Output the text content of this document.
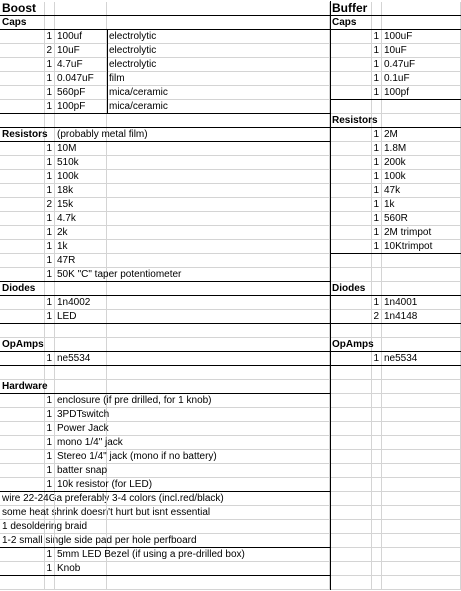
Boost	Buffer
Caps	Caps
1 100uf	electrolytic	1 100uF
2 10uF	electrolytic	1 10uF
1 4.7uF	electrolytic	1 0.47uF
1 0.047uF	film	1 0.1uF
1 560pF	mica/ceramic	1 100pf
1 100pF	mica/ceramic
Resistors
Resistors (probably metal film)	1 2M
1 10M	1 1.8M
1 510k	1 200k
1 100k	1 100k
1 18k	1 47k
2 15k	1 1k
1 4.7k	1 560R
1 2k	1 2M trimpot
1 1k	1 10Ktrimpot
1 47R
1 50K "C" taper potentiometer
Diodes	Diodes
1 1n4002	1 1n4001
1 LED	2 1n4148
OpAmps	OpAmps
1 ne5534	1 ne5534
Hardware
1 enclosure (if pre drilled, for 1 knob)
1 3PDTswitch
1 Power Jack
1 mono 1/4" jack
1 Stereo 1/4" jack (mono if no battery)
1 batter snap
1 10k resistor (for LED)
wire 22-24Ga preferably 3-4 colors (incl.red/black)
some heat shrink doesn't hurt but isnt essential
1 desoldering braid
1-2 small single side pad per hole perfboard
1 5mm LED Bezel (if using a pre-drilled box)
1 Knob
